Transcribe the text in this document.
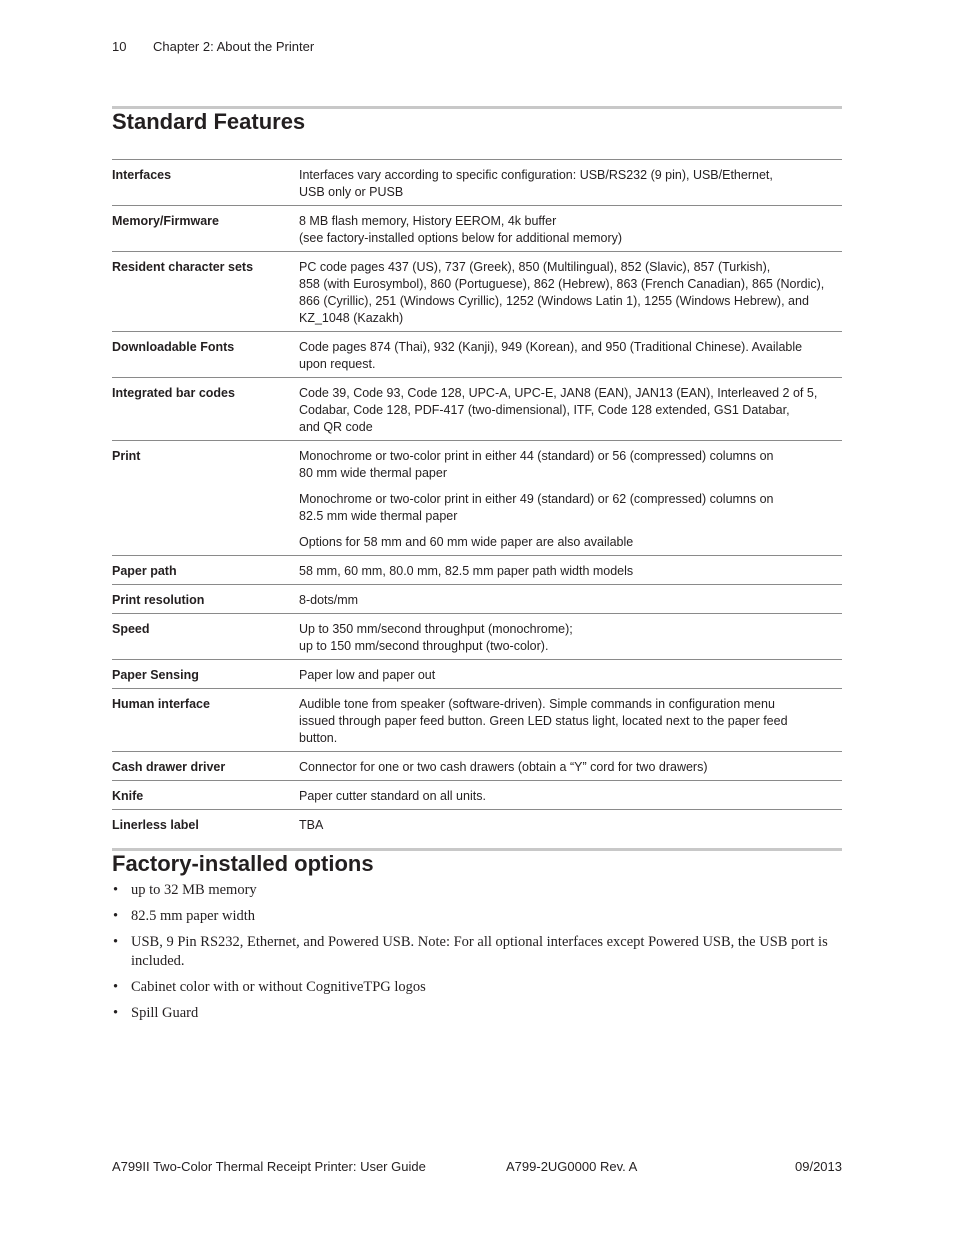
10 Chapter 2: About the Printer
Standard Features
Interfaces	Interfaces vary according to specific configuration: USB/RS232 (9 pin), USB/Ethernet,
USB only or PUSB

Memory/Firmware	8 MB flash memory, History EEROM, 4k buffer
(see factory-installed options below for additional memory)

Resident character sets	PC code pages 437 (US), 737 (Greek), 850 (Multilingual), 852 (Slavic), 857 (Turkish),
858 (with Eurosymbol), 860 (Portuguese), 862 (Hebrew), 863 (French Canadian), 865 (Nordic),
866 (Cyrillic), 251 (Windows Cyrillic), 1252 (Windows Latin 1), 1255 (Windows Hebrew), and
KZ_1048 (Kazakh)

Downloadable Fonts	Code pages 874 (Thai), 932 (Kanji), 949 (Korean), and 950 (Traditional Chinese). Available
upon request.

Integrated bar codes	Code 39, Code 93, Code 128, UPC-A, UPC-E, JAN8 (EAN), JAN13 (EAN), Interleaved 2 of 5,
Codabar, Code 128, PDF-417 (two-dimensional), ITF, Code 128 extended, GS1 Databar,
and QR code

Print	Monochrome or two-color print in either 44 (standard) or 56 (compressed) columns on
80 mm wide thermal paper

Monochrome or two-color print in either 49 (standard) or 62 (compressed) columns on
82.5 mm wide thermal paper

Options for 58 mm and 60 mm wide paper are also available

Paper path	58 mm, 60 mm, 80.0 mm, 82.5 mm paper path width models

Print resolution	8-dots/mm

Speed	Up to 350 mm/second throughput (monochrome);
up to 150 mm/second throughput (two-color).

Paper Sensing	Paper low and paper out

Human interface	Audible tone from speaker (software-driven). Simple commands in configuration menu
issued through paper feed button. Green LED status light, located next to the paper feed
button.

Cash drawer driver	Connector for one or two cash drawers (obtain a “Y” cord for two drawers)

Knife	Paper cutter standard on all units.

Linerless label	TBA

Factory-installed options
• up to 32 MB memory
• 82.5 mm paper width
• USB, 9 Pin RS232, Ethernet, and Powered USB. Note: For all optional interfaces except Powered USB, the USB port is included.
• Cabinet color with or without CognitiveTPG logos
• Spill Guard
A799II Two-Color Thermal Receipt Printer: User Guide	A799-2UG0000 Rev. A	09/2013
